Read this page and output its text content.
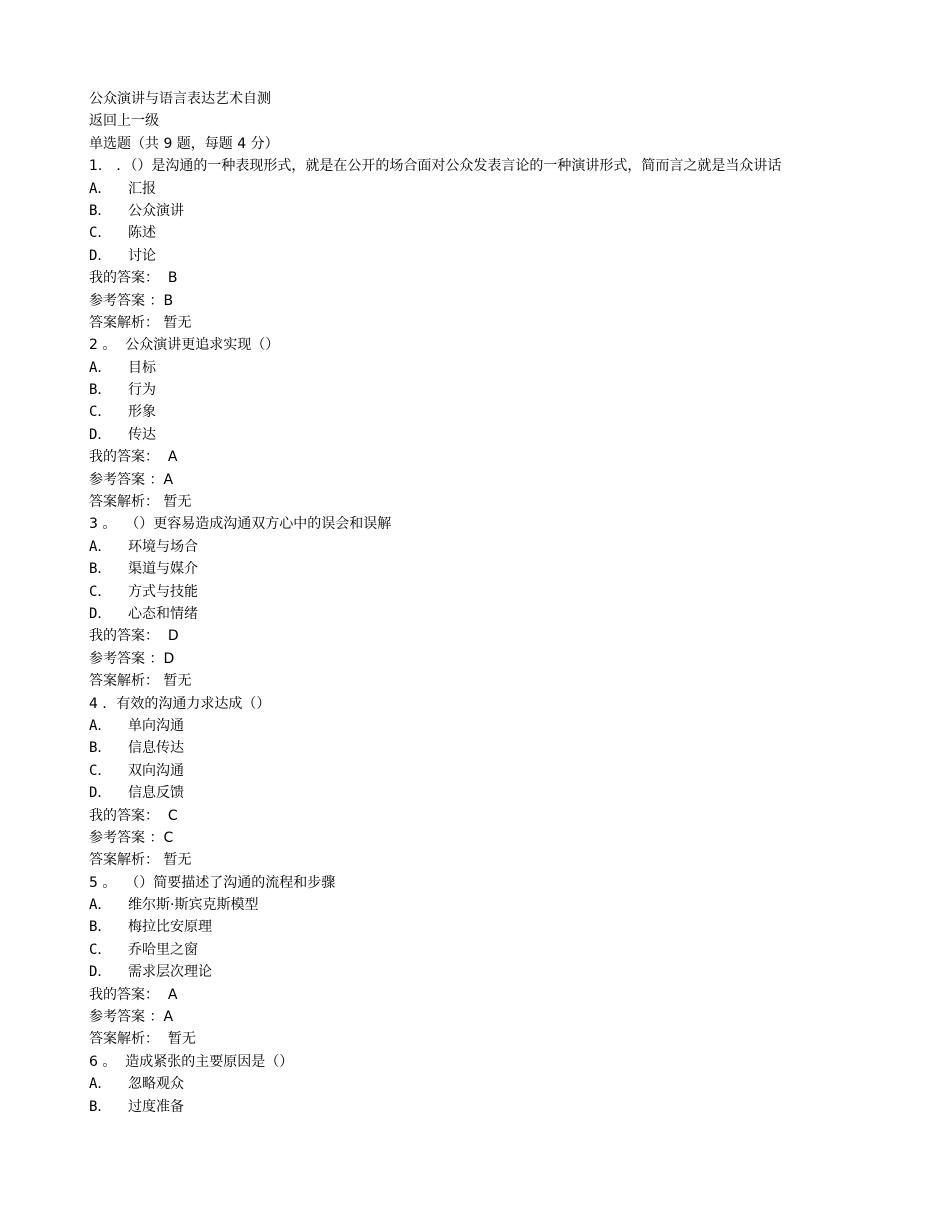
公众演讲与语言表达艺术自测
返回上一级
单选题（共 9 题，每题 4 分）
1． ．（）是沟通的一种表现形式，就是在公开的场合面对公众发表言论的一种演讲形式，简而言之就是当众讲话
A．	汇报
B．	公众演讲
C．	陈述
D．	讨论
我的答案：  B
参考答案 ：B
答案解析： 暂无
2 。  公众演讲更追求实现（）
A．	目标
B．	行为
C．	形象
D．	传达
我的答案：  A
参考答案 ：A
答案解析： 暂无
3 。  （）更容易造成沟通双方心中的误会和误解
A．	环境与场合
B．	渠道与媒介
C．	方式与技能
D．	心态和情绪
我的答案：  D
参考答案 ：D
答案解析： 暂无
4 ．有效的沟通力求达成（）
A．	单向沟通
B．	信息传达
C．	双向沟通
D．	信息反馈
我的答案：  C
参考答案 ：C
答案解析： 暂无
5 。  （）简要描述了沟通的流程和步骤
A．	维尔斯·斯宾克斯模型
B．	梅拉比安原理
C．	乔哈里之窗
D．	需求层次理论
我的答案：  A
参考答案 ：A
答案解析：  暂无
6 。  造成紧张的主要原因是（）
A．	忽略观众
B．	过度准备
